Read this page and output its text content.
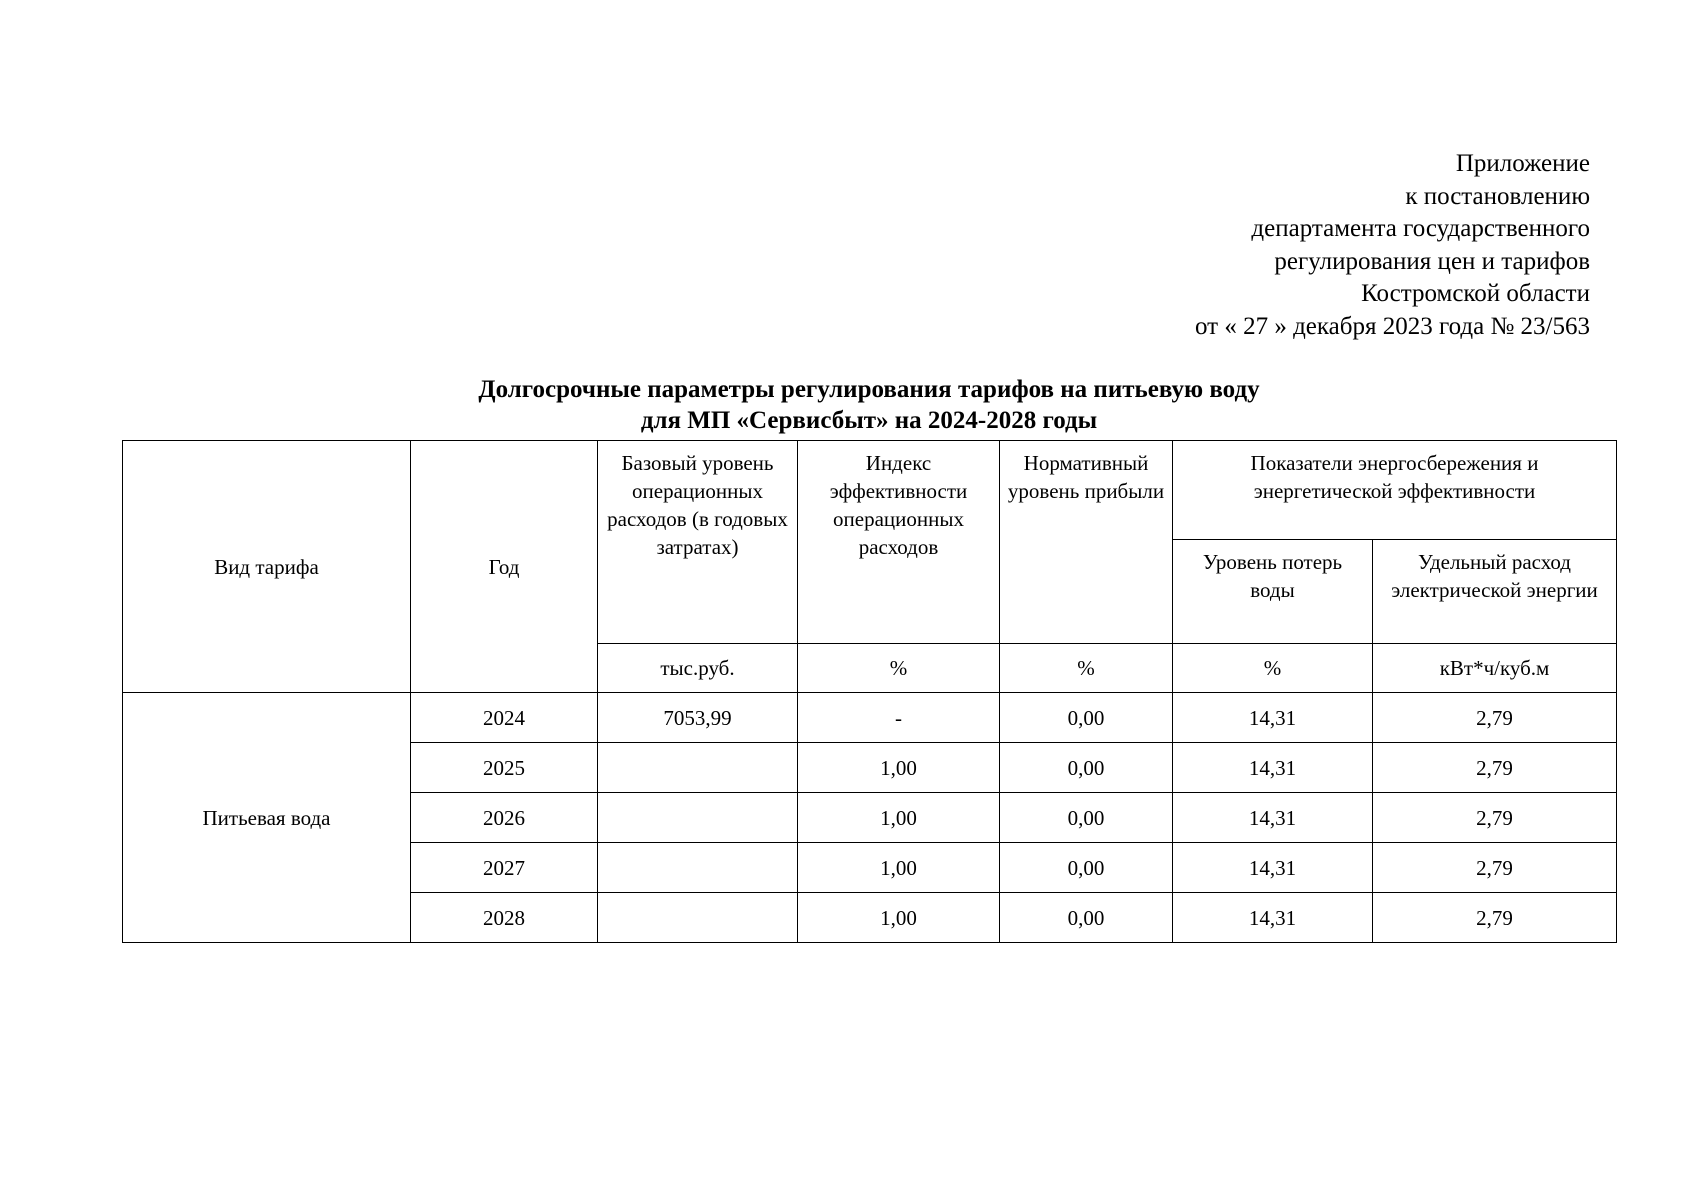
Приложение
к постановлению
департамента государственного
регулирования цен и тарифов
Костромской области
от « 27 » декабря 2023 года № 23/563
Долгосрочные параметры регулирования тарифов на питьевую воду
для МП «Сервисбыт» на 2024-2028 годы
Вид тарифа	Год	Базовый уровень операционных расходов (в годовых затратах)	Индекс эффективности операционных расходов	Нормативный уровень прибыли	Показатели энергосбережения и энергетической эффективности	
					Уровень потерь воды	Удельный расход электрической энергии
		тыс.руб.	%	%	%	кВт*ч/куб.м
Питьевая вода	2024	7053,99	-	0,00	14,31	2,79
	2025		1,00	0,00	14,31	2,79
	2026		1,00	0,00	14,31	2,79
	2027		1,00	0,00	14,31	2,79
	2028		1,00	0,00	14,31	2,79
